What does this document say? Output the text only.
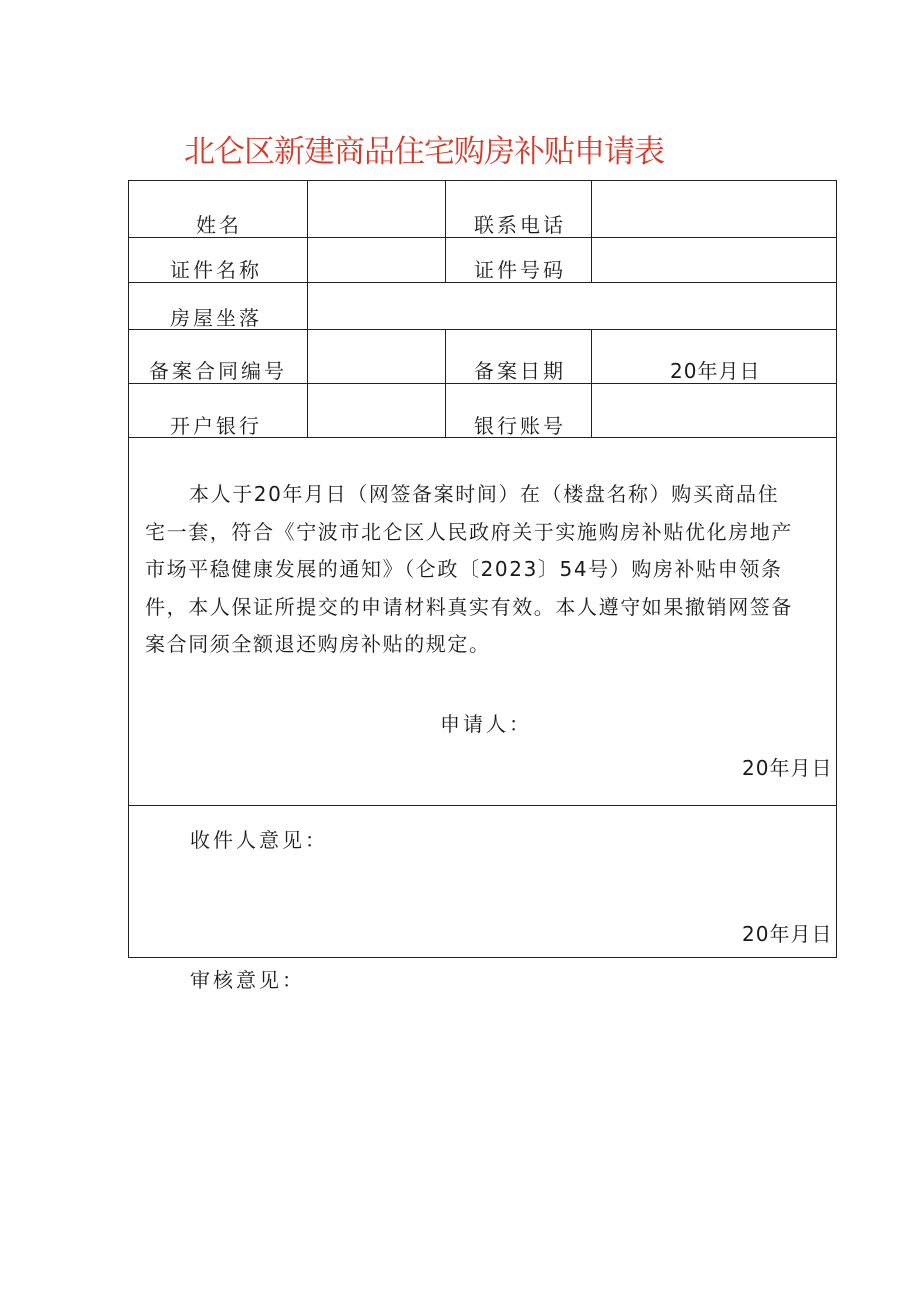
北仑区新建商品住宅购房补贴申请表
姓名	联系电话
证件名称	证件号码
房屋坐落
备案合同编号	备案日期	20年月日
开户银行	银行账号
本人于20年月日（网签备案时间）在（楼盘名称）购买商品住
宅一套，符合《宁波市北仑区人民政府关于实施购房补贴优化房地产
市场平稳健康发展的通知》（仑政〔2023〕54号）购房补贴申领条
件，本人保证所提交的申请材料真实有效。本人遵守如果撤销网签备
案合同须全额退还购房补贴的规定。
申请人：
20年月日
收件人意见：
20年月日
审核意见：
